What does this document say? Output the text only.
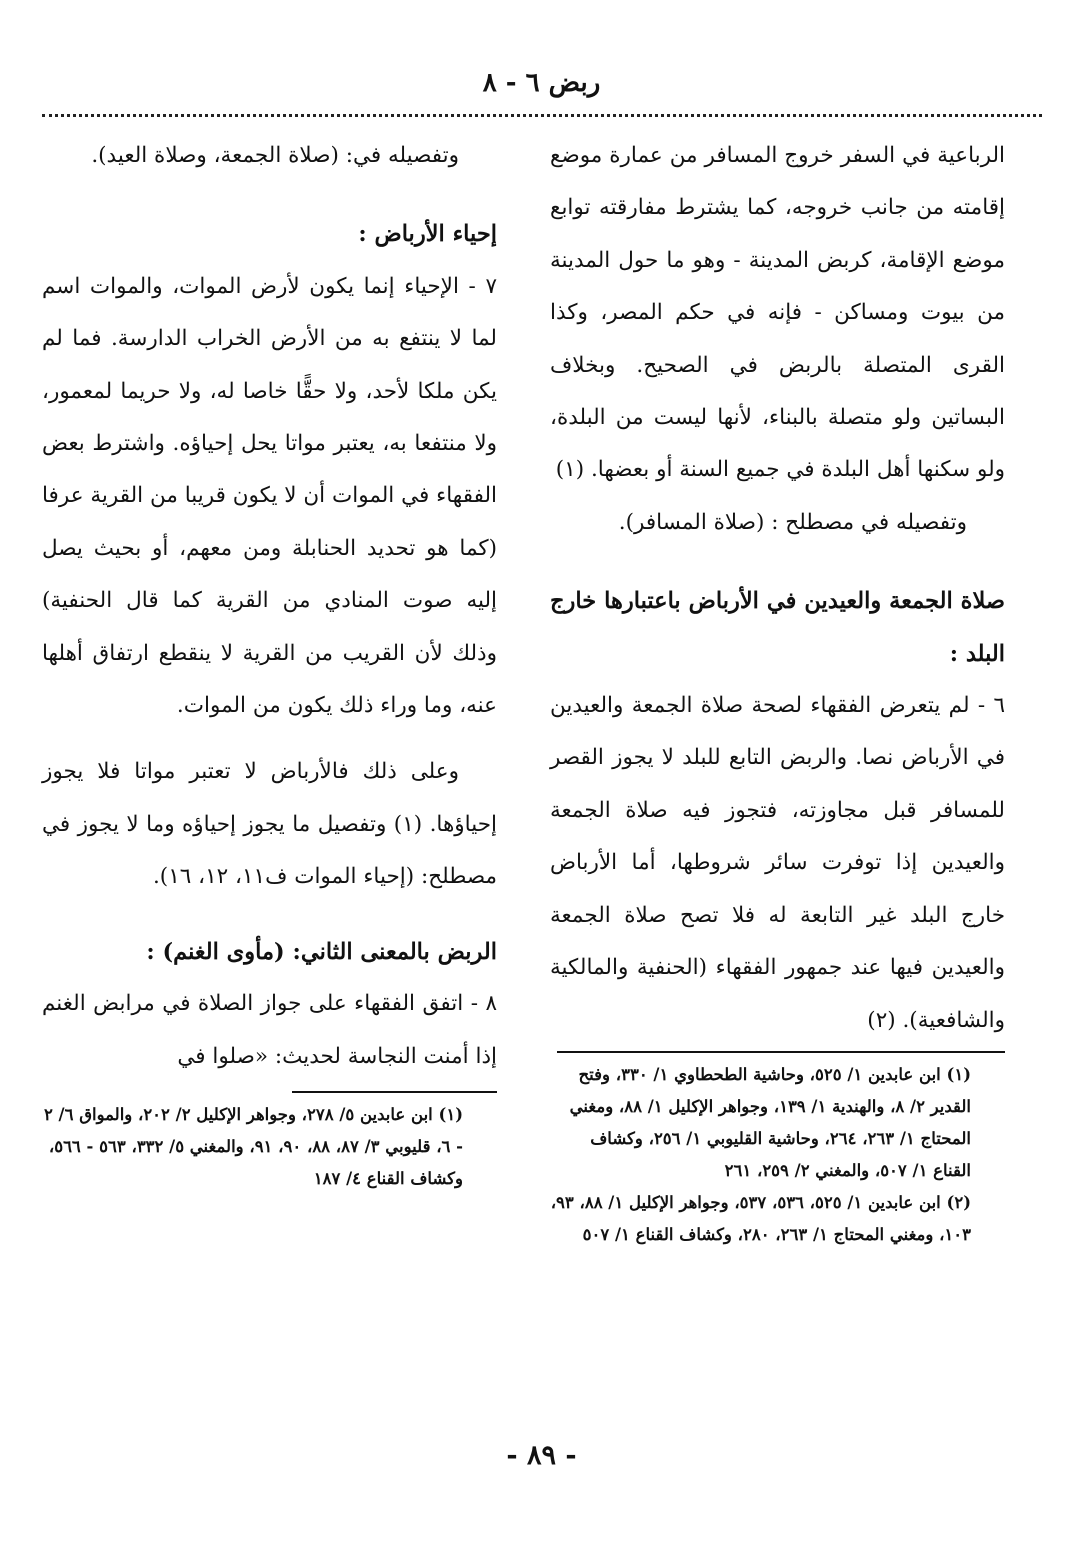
ربض ٦ - ٨

الرباعية في السفر خروج المسافر من عمارة موضع إقامته من جانب خروجه، كما يشترط مفارقته توابع موضع الإقامة، كربض المدينة - وهو ما حول المدينة من بيوت ومساكن - فإنه في حكم المصر، وكذا القرى المتصلة بالربض في الصحيح. وبخلاف البساتين ولو متصلة بالبناء، لأنها ليست من البلدة، ولو سكنها أهل البلدة في جميع السنة أو بعضها. (١)

وتفصيله في مصطلح : (صلاة المسافر).

صلاة الجمعة والعيدين في الأرباض باعتبارها خارج البلد :

٦ - لم يتعرض الفقهاء لصحة صلاة الجمعة والعيدين في الأرباض نصا. والربض التابع للبلد لا يجوز القصر للمسافر قبل مجاوزته، فتجوز فيه صلاة الجمعة والعيدين إذا توفرت سائر شروطها، أما الأرباض خارج البلد غير التابعة له فلا تصح صلاة الجمعة والعيدين فيها عند جمهور الفقهاء (الحنفية والمالكية والشافعية). (٢)

(١) ابن عابدين ١/ ٥٢٥، وحاشية الطحطاوي ١/ ٣٣٠، وفتح القدير ٢/ ٨، والهندية ١/ ١٣٩، وجواهر الإكليل ١/ ٨٨، ومغني المحتاج ١/ ٢٦٣، ٢٦٤، وحاشية القليوبي ١/ ٢٥٦، وكشاف القناع ١/ ٥٠٧، والمغني ٢/ ٢٥٩، ٢٦١

(٢) ابن عابدين ١/ ٥٢٥، ٥٣٦، ٥٣٧، وجواهر الإكليل ١/ ٨٨، ٩٣، ١٠٣، ومغني المحتاج ١/ ٢٦٣، ٢٨٠، وكشاف القناع ١/ ٥٠٧

وتفصيله في: (صلاة الجمعة، وصلاة العيد).

إحياء الأرباض :

٧ - الإحياء إنما يكون لأرض الموات، والموات اسم لما لا ينتفع به من الأرض الخراب الدارسة. فما لم يكن ملكا لأحد، ولا حقًّا خاصا له، ولا حريما لمعمور، ولا منتفعا به، يعتبر مواتا يحل إحياؤه. واشترط بعض الفقهاء في الموات أن لا يكون قريبا من القرية عرفا (كما هو تحديد الحنابلة ومن معهم، أو بحيث يصل إليه صوت المنادي من القرية كما قال الحنفية) وذلك لأن القريب من القرية لا ينقطع ارتفاق أهلها عنه، وما وراء ذلك يكون من الموات.

وعلى ذلك فالأرباض لا تعتبر مواتا فلا يجوز إحياؤها. (١) وتفصيل ما يجوز إحياؤه وما لا يجوز في مصطلح: (إحياء الموات ف١١، ١٢، ١٦).

الربض بالمعنى الثاني: (مأوى الغنم) :

٨ - اتفق الفقهاء على جواز الصلاة في مرابض الغنم إذا أمنت النجاسة لحديث: «صلوا في

(١) ابن عابدين ٥/ ٢٧٨، وجواهر الإكليل ٢/ ٢٠٢، والمواق ٦/ ٢ - ٦، قليوبي ٣/ ٨٧، ٨٨، ٩٠، ٩١، والمغني ٥/ ٣٣٢، ٥٦٣ - ٥٦٦، وكشاف القناع ٤/ ١٨٧

- ٨٩ -
